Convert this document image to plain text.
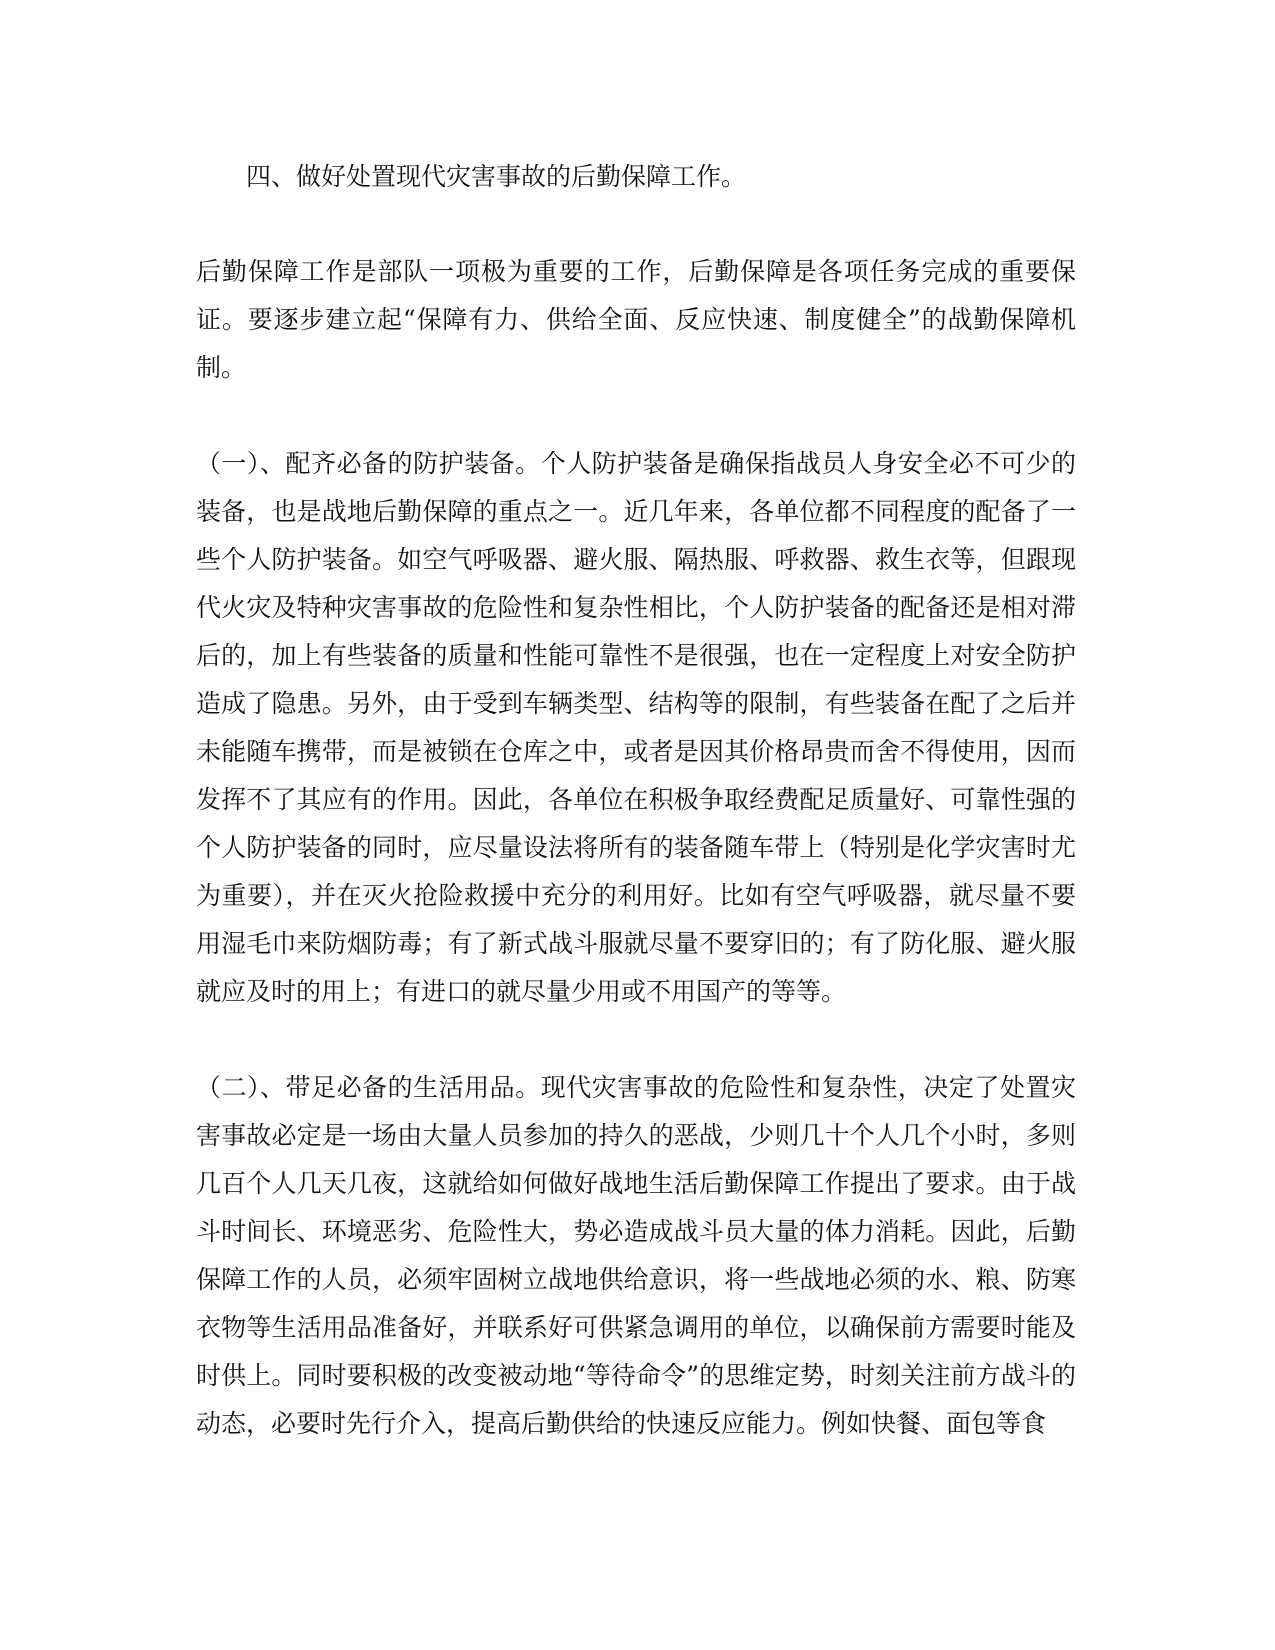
四、做好处置现代灾害事故的后勤保障工作。

后勤保障工作是部队一项极为重要的工作，后勤保障是各项任务完成的重要保证。要逐步建立起“保障有力、供给全面、反应快速、制度健全”的战勤保障机制。

（一）、配齐必备的防护装备。个人防护装备是确保指战员人身安全必不可少的装备，也是战地后勤保障的重点之一。近几年来，各单位都不同程度的配备了一些个人防护装备。如空气呼吸器、避火服、隔热服、呼救器、救生衣等，但跟现代火灾及特种灾害事故的危险性和复杂性相比，个人防护装备的配备还是相对滞后的，加上有些装备的质量和性能可靠性不是很强，也在一定程度上对安全防护造成了隐患。另外，由于受到车辆类型、结构等的限制，有些装备在配了之后并未能随车携带，而是被锁在仓库之中，或者是因其价格昂贵而舍不得使用，因而发挥不了其应有的作用。因此，各单位在积极争取经费配足质量好、可靠性强的个人防护装备的同时，应尽量设法将所有的装备随车带上（特别是化学灾害时尤为重要），并在灭火抢险救援中充分的利用好。比如有空气呼吸器，就尽量不要用湿毛巾来防烟防毒；有了新式战斗服就尽量不要穿旧的；有了防化服、避火服就应及时的用上；有进口的就尽量少用或不用国产的等等。

（二）、带足必备的生活用品。现代灾害事故的危险性和复杂性，决定了处置灾害事故必定是一场由大量人员参加的持久的恶战，少则几十个人几个小时，多则几百个人几天几夜，这就给如何做好战地生活后勤保障工作提出了要求。由于战斗时间长、环境恶劣、危险性大，势必造成战斗员大量的体力消耗。因此，后勤保障工作的人员，必须牢固树立战地供给意识，将一些战地必须的水、粮、防寒衣物等生活用品准备好，并联系好可供紧急调用的单位，以确保前方需要时能及时供上。同时要积极的改变被动地“等待命令”的思维定势，时刻关注前方战斗的动态，必要时先行介入，提高后勤供给的快速反应能力。例如快餐、面包等食
